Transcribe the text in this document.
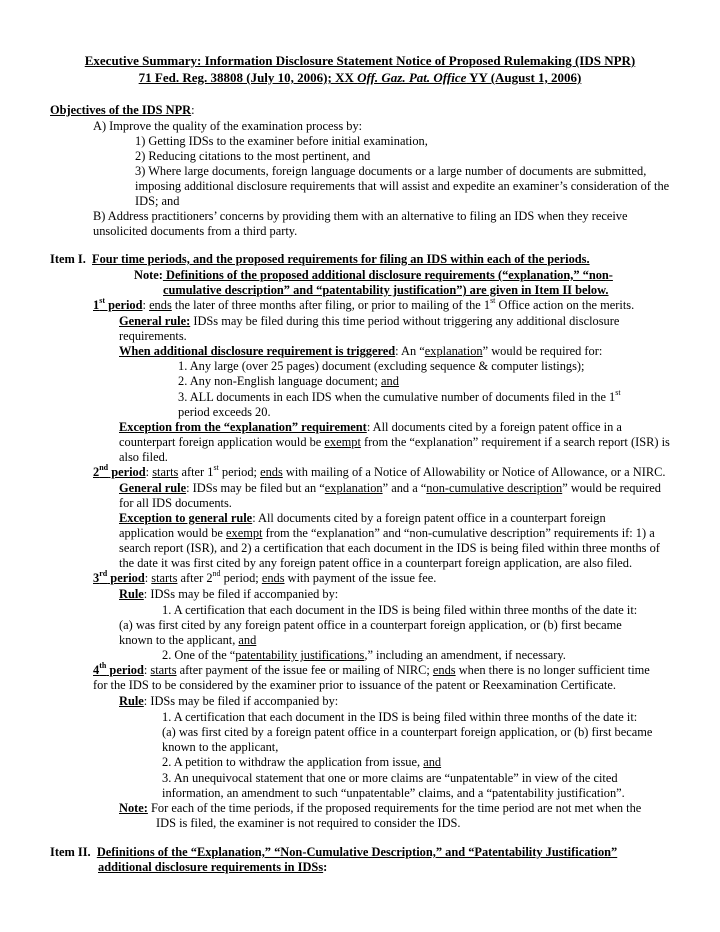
Executive Summary: Information Disclosure Statement Notice of Proposed Rulemaking (IDS NPR)
71 Fed. Reg. 38808 (July 10, 2006); XX Off. Gaz. Pat. Office YY (August 1, 2006)
Objectives of the IDS NPR:
A) Improve the quality of the examination process by:
1) Getting IDSs to the examiner before initial examination,
2) Reducing citations to the most pertinent, and
3) Where large documents, foreign language documents or a large number of documents are submitted,
imposing additional disclosure requirements that will assist and expedite an examiner’s consideration of the
IDS; and
B) Address practitioners’ concerns by providing them with an alternative to filing an IDS when they receive
unsolicited documents from a third party.
Item I. Four time periods, and the proposed requirements for filing an IDS within each of the periods.
Note: Definitions of the proposed additional disclosure requirements (“explanation,” “non-
cumulative description” and “patentability justification”) are given in Item II below.
1st period: ends the later of three months after filing, or prior to mailing of the 1st Office action on the merits.
General rule: IDSs may be filed during this time period without triggering any additional disclosure
requirements.
When additional disclosure requirement is triggered: An “explanation” would be required for:
1. Any large (over 25 pages) document (excluding sequence & computer listings);
2. Any non-English language document; and
3. ALL documents in each IDS when the cumulative number of documents filed in the 1st
period exceeds 20.
Exception from the “explanation” requirement: All documents cited by a foreign patent office in a
counterpart foreign application would be exempt from the “explanation” requirement if a search report (ISR) is
also filed.
2nd period: starts after 1st period; ends with mailing of a Notice of Allowability or Notice of Allowance, or a NIRC.
General rule: IDSs may be filed but an “explanation” and a “non-cumulative description” would be required
for all IDS documents.
Exception to general rule: All documents cited by a foreign patent office in a counterpart foreign
application would be exempt from the “explanation” and “non-cumulative description” requirements if: 1) a
search report (ISR), and 2) a certification that each document in the IDS is being filed within three months of
the date it was first cited by any foreign patent office in a counterpart foreign application, are also filed.
3rd period: starts after 2nd period; ends with payment of the issue fee.
Rule: IDSs may be filed if accompanied by:
1. A certification that each document in the IDS is being filed within three months of the date it:
(a) was first cited by any foreign patent office in a counterpart foreign application, or (b) first became
known to the applicant, and
2. One of the “patentability justifications,” including an amendment, if necessary.
4th period: starts after payment of the issue fee or mailing of NIRC; ends when there is no longer sufficient time
for the IDS to be considered by the examiner prior to issuance of the patent or Reexamination Certificate.
Rule: IDSs may be filed if accompanied by:
1. A certification that each document in the IDS is being filed within three months of the date it:
(a) was first cited by a foreign patent office in a counterpart foreign application, or (b) first became
known to the applicant,
2. A petition to withdraw the application from issue, and
3. An unequivocal statement that one or more claims are “unpatentable” in view of the cited
information, an amendment to such “unpatentable” claims, and a “patentability justification”.
Note: For each of the time periods, if the proposed requirements for the time period are not met when the
IDS is filed, the examiner is not required to consider the IDS.
Item II. Definitions of the “Explanation,” “Non-Cumulative Description,” and “Patentability Justification”
additional disclosure requirements in IDSs:
